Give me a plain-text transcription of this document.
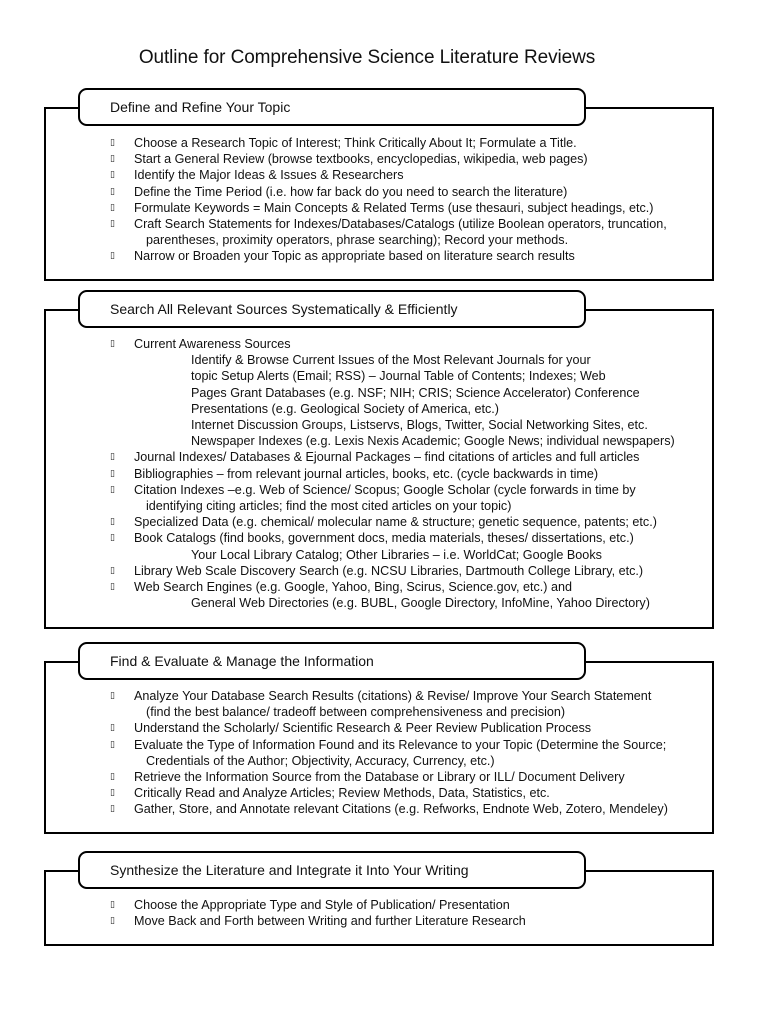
Outline for Comprehensive Science Literature Reviews
Define and Refine Your Topic
▯ Choose a Research Topic of Interest; Think Critically About It; Formulate a Title.
▯ Start a General Review (browse textbooks, encyclopedias, wikipedia, web pages)
▯ Identify the Major Ideas & Issues & Researchers
▯ Define the Time Period (i.e. how far back do you need to search the literature)
▯ Formulate Keywords = Main Concepts & Related Terms (use thesauri, subject headings, etc.)
▯ Craft Search Statements for Indexes/Databases/Catalogs (utilize Boolean operators, truncation,
parentheses, proximity operators, phrase searching); Record your methods.
▯ Narrow or Broaden your Topic as appropriate based on literature search results
Search All Relevant Sources Systematically & Efficiently
▯ Current Awareness Sources
Identify & Browse Current Issues of the Most Relevant Journals for your
topic Setup Alerts (Email; RSS) – Journal Table of Contents; Indexes; Web
Pages Grant Databases (e.g. NSF; NIH; CRIS; Science Accelerator) Conference
Presentations (e.g. Geological Society of America, etc.)
Internet Discussion Groups, Listservs, Blogs, Twitter, Social Networking Sites, etc.
Newspaper Indexes (e.g. Lexis Nexis Academic; Google News; individual newspapers)
▯ Journal Indexes/ Databases & Ejournal Packages – find citations of articles and full articles
▯ Bibliographies – from relevant journal articles, books, etc. (cycle backwards in time)
▯ Citation Indexes –e.g. Web of Science/ Scopus; Google Scholar (cycle forwards in time by
identifying citing articles; find the most cited articles on your topic)
▯ Specialized Data (e.g. chemical/ molecular name & structure; genetic sequence, patents; etc.)
▯ Book Catalogs (find books, government docs, media materials, theses/ dissertations, etc.)
Your Local Library Catalog; Other Libraries – i.e. WorldCat; Google Books
▯ Library Web Scale Discovery Search (e.g. NCSU Libraries, Dartmouth College Library, etc.)
▯ Web Search Engines (e.g. Google, Yahoo, Bing, Scirus, Science.gov, etc.) and
General Web Directories (e.g. BUBL, Google Directory, InfoMine, Yahoo Directory)
Find & Evaluate & Manage the Information
▯ Analyze Your Database Search Results (citations) & Revise/ Improve Your Search Statement
(find the best balance/ tradeoff between comprehensiveness and precision)
▯ Understand the Scholarly/ Scientific Research & Peer Review Publication Process
▯ Evaluate the Type of Information Found and its Relevance to your Topic (Determine the Source;
Credentials of the Author; Objectivity, Accuracy, Currency, etc.)
▯ Retrieve the Information Source from the Database or Library or ILL/ Document Delivery
▯ Critically Read and Analyze Articles; Review Methods, Data, Statistics, etc.
▯ Gather, Store, and Annotate relevant Citations (e.g. Refworks, Endnote Web, Zotero, Mendeley)
Synthesize the Literature and Integrate it Into Your Writing
▯ Choose the Appropriate Type and Style of Publication/ Presentation
▯ Move Back and Forth between Writing and further Literature Research
